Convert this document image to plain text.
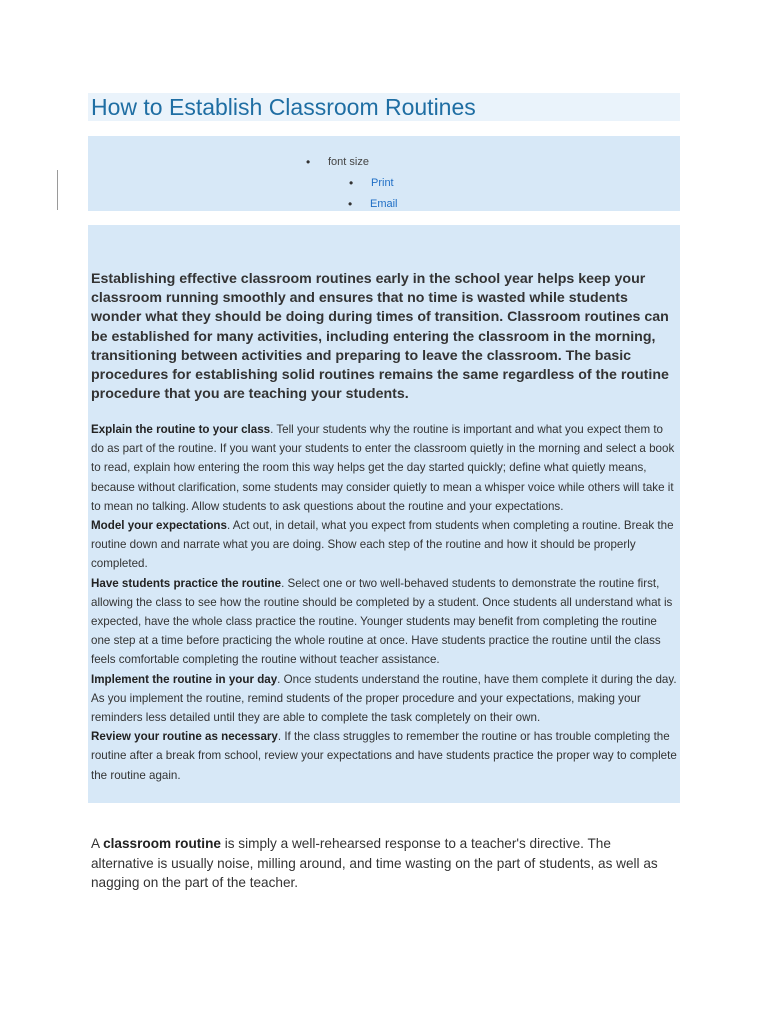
How to Establish Classroom Routines
• font size
• Print
• Email

Establishing effective classroom routines early in the school year helps keep your classroom running smoothly and ensures that no time is wasted while students wonder what they should be doing during times of transition. Classroom routines can be established for many activities, including entering the classroom in the morning, transitioning between activities and preparing to leave the classroom. The basic procedures for establishing solid routines remains the same regardless of the routine procedure that you are teaching your students.

Explain the routine to your class. Tell your students why the routine is important and what you expect them to do as part of the routine. If you want your students to enter the classroom quietly in the morning and select a book to read, explain how entering the room this way helps get the day started quickly; define what quietly means, because without clarification, some students may consider quietly to mean a whisper voice while others will take it to mean no talking. Allow students to ask questions about the routine and your expectations.
Model your expectations. Act out, in detail, what you expect from students when completing a routine. Break the routine down and narrate what you are doing. Show each step of the routine and how it should be properly completed.
Have students practice the routine. Select one or two well-behaved students to demonstrate the routine first, allowing the class to see how the routine should be completed by a student. Once students all understand what is expected, have the whole class practice the routine. Younger students may benefit from completing the routine one step at a time before practicing the whole routine at once. Have students practice the routine until the class feels comfortable completing the routine without teacher assistance.
Implement the routine in your day. Once students understand the routine, have them complete it during the day. As you implement the routine, remind students of the proper procedure and your expectations, making your reminders less detailed until they are able to complete the task completely on their own.
Review your routine as necessary. If the class struggles to remember the routine or has trouble completing the routine after a break from school, review your expectations and have students practice the proper way to complete the routine again.

A classroom routine is simply a well-rehearsed response to a teacher's directive. The alternative is usually noise, milling around, and time wasting on the part of students, as well as nagging on the part of the teacher.
